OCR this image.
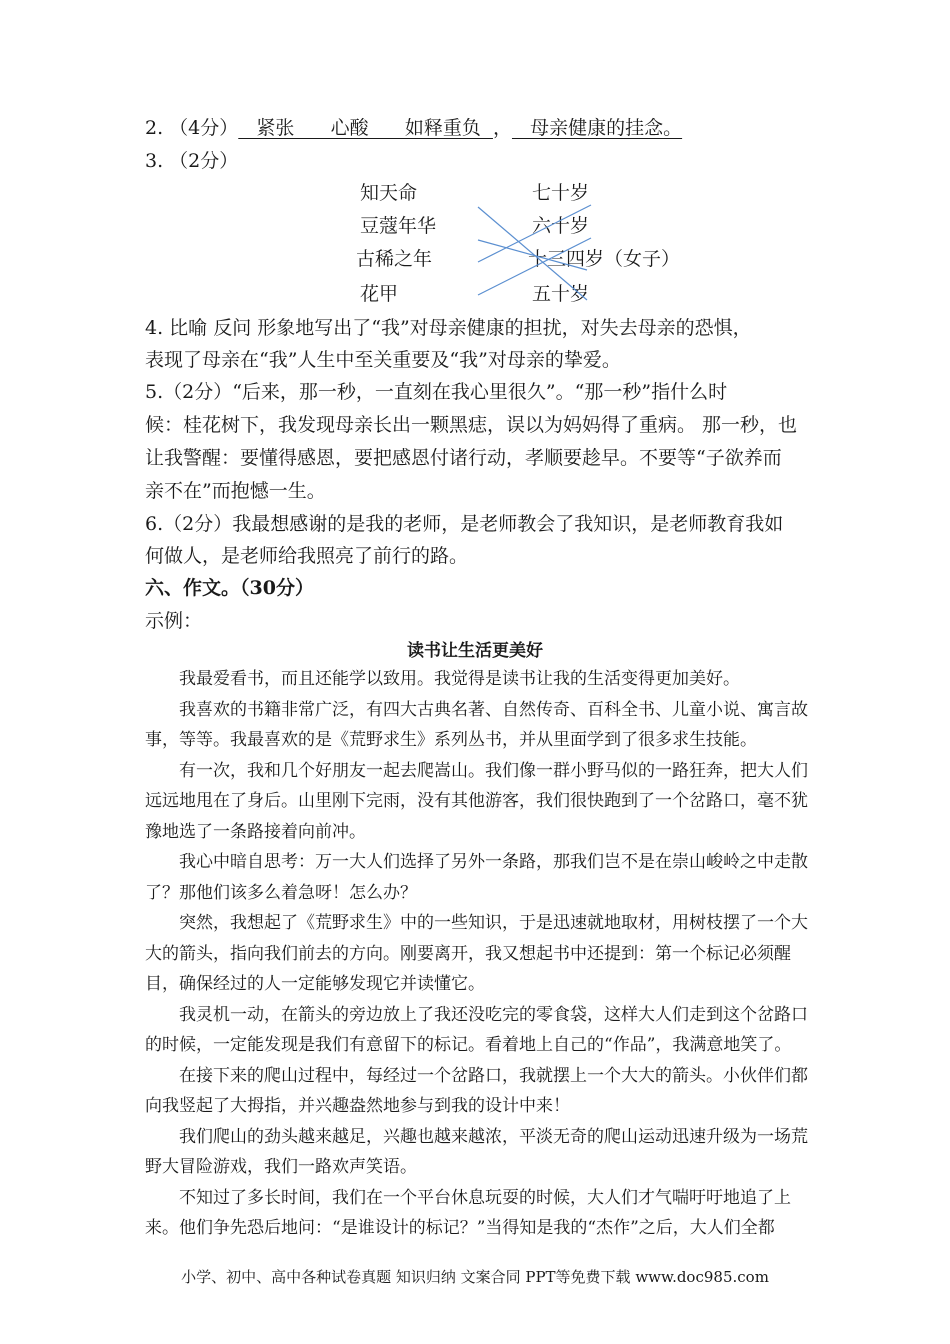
2. （4分）   紧张      心酸      如释重负  ，   母亲健康的挂念。
3. （2分）
知天命
豆蔻年华
古稀之年
花甲
七十岁
六十岁
十三四岁（女子）
五十岁
4. 比喻 反问 形象地写出了“我”对母亲健康的担扰，对失去母亲的恐惧，
表现了母亲在“我”人生中至关重要及“我”对母亲的挚爱。
5.（2分）“后来，那一秒，一直刻在我心里很久”。“那一秒”指什么时
候：桂花树下，我发现母亲长出一颗黑痣，误以为妈妈得了重病。 那一秒，也
让我警醒：要懂得感恩，要把感恩付诸行动，孝顺要趁早。不要等“子欲养而
亲不在”而抱憾一生。
6.（2分）我最想感谢的是我的老师，是老师教会了我知识，是老师教育我如
何做人，是老师给我照亮了前行的路。
六、作文。（30分）
示例：
读书让生活更美好

我最爱看书，而且还能学以致用。我觉得是读书让我的生活变得更加美好。

我喜欢的书籍非常广泛，有四大古典名著、自然传奇、百科全书、儿童小说、寓言故事，等等。我最喜欢的是《荒野求生》系列丛书，并从里面学到了很多求生技能。

有一次，我和几个好朋友一起去爬嵩山。我们像一群小野马似的一路狂奔，把大人们远远地甩在了身后。山里刚下完雨，没有其他游客，我们很快跑到了一个岔路口，毫不犹豫地选了一条路接着向前冲。

我心中暗自思考：万一大人们选择了另外一条路，那我们岂不是在崇山峻岭之中走散了？那他们该多么着急呀！怎么办？

突然，我想起了《荒野求生》中的一些知识，于是迅速就地取材，用树枝摆了一个大大的箭头，指向我们前去的方向。刚要离开，我又想起书中还提到：第一个标记必须醒目，确保经过的人一定能够发现它并读懂它。

我灵机一动，在箭头的旁边放上了我还没吃完的零食袋，这样大人们走到这个岔路口的时候，一定能发现是我们有意留下的标记。看着地上自己的“作品”，我满意地笑了。

在接下来的爬山过程中，每经过一个岔路口，我就摆上一个大大的箭头。小伙伴们都向我竖起了大拇指，并兴趣盎然地参与到我的设计中来！

我们爬山的劲头越来越足，兴趣也越来越浓，平淡无奇的爬山运动迅速升级为一场荒野大冒险游戏，我们一路欢声笑语。

不知过了多长时间，我们在一个平台休息玩耍的时候，大人们才气喘吁吁地追了上来。他们争先恐后地问：“是谁设计的标记？”当得知是我的“杰作”之后，大人们全都

小学、初中、高中各种试卷真题 知识归纳 文案合同 PPT等免费下载 www.doc985.com
